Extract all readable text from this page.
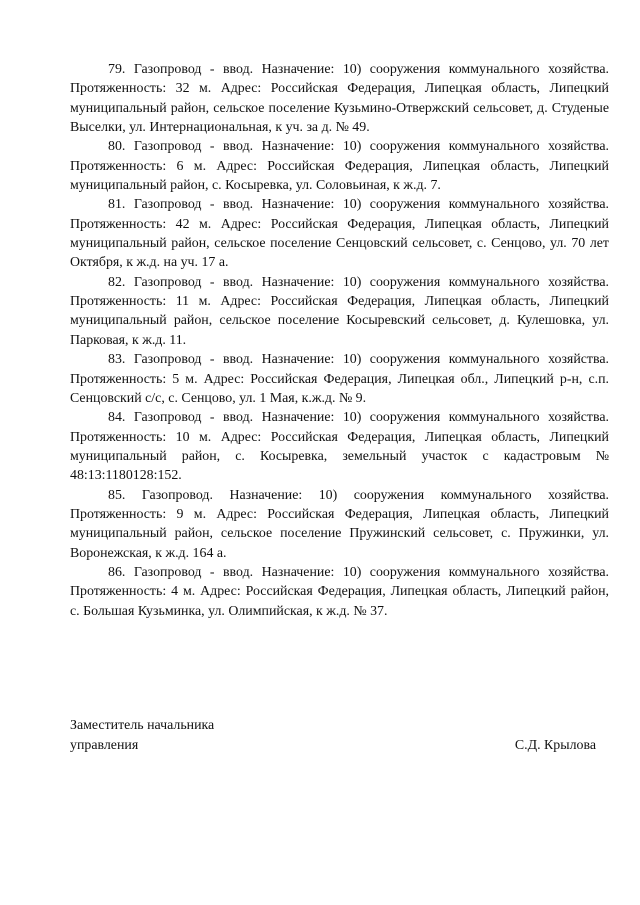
79. Газопровод - ввод. Назначение: 10) сооружения коммунального хозяйства. Протяженность: 32 м. Адрес: Российская Федерация, Липецкая область, Липецкий муниципальный район, сельское поселение Кузьмино-Отвержский сельсовет, д. Студеные Выселки, ул. Интернациональная, к уч. за д. № 49.

80. Газопровод - ввод. Назначение: 10) сооружения коммунального хозяйства. Протяженность: 6 м. Адрес: Российская Федерация, Липецкая область, Липецкий муниципальный район, с. Косыревка, ул. Соловьиная, к ж.д. 7.

81. Газопровод - ввод. Назначение: 10) сооружения коммунального хозяйства. Протяженность: 42 м. Адрес: Российская Федерация, Липецкая область, Липецкий муниципальный район, сельское поселение Сенцовский сельсовет, с. Сенцово, ул. 70 лет Октября, к ж.д. на уч. 17 а.

82. Газопровод - ввод. Назначение: 10) сооружения коммунального хозяйства. Протяженность: 11 м. Адрес: Российская Федерация, Липецкая область, Липецкий муниципальный район, сельское поселение Косыревский сельсовет, д. Кулешовка, ул. Парковая, к ж.д. 11.

83. Газопровод - ввод. Назначение: 10) сооружения коммунального хозяйства. Протяженность: 5 м. Адрес: Российская Федерация, Липецкая обл., Липецкий р-н, с.п. Сенцовский с/с, с. Сенцово, ул. 1 Мая, к.ж.д. № 9.

84. Газопровод - ввод. Назначение: 10) сооружения коммунального хозяйства. Протяженность: 10 м. Адрес: Российская Федерация, Липецкая область, Липецкий муниципальный район, с. Косыревка, земельный участок с кадастровым № 48:13:1180128:152.

85. Газопровод. Назначение: 10) сооружения коммунального хозяйства. Протяженность: 9 м. Адрес: Российская Федерация, Липецкая область, Липецкий муниципальный район, сельское поселение Пружинский сельсовет, с. Пружинки, ул. Воронежская, к ж.д. 164 а.

86. Газопровод - ввод. Назначение: 10) сооружения коммунального хозяйства. Протяженность: 4 м. Адрес: Российская Федерация, Липецкая область, Липецкий район, с. Большая Кузьминка, ул. Олимпийская, к ж.д. № 37.

Заместитель начальника
управления	С.Д. Крылова
